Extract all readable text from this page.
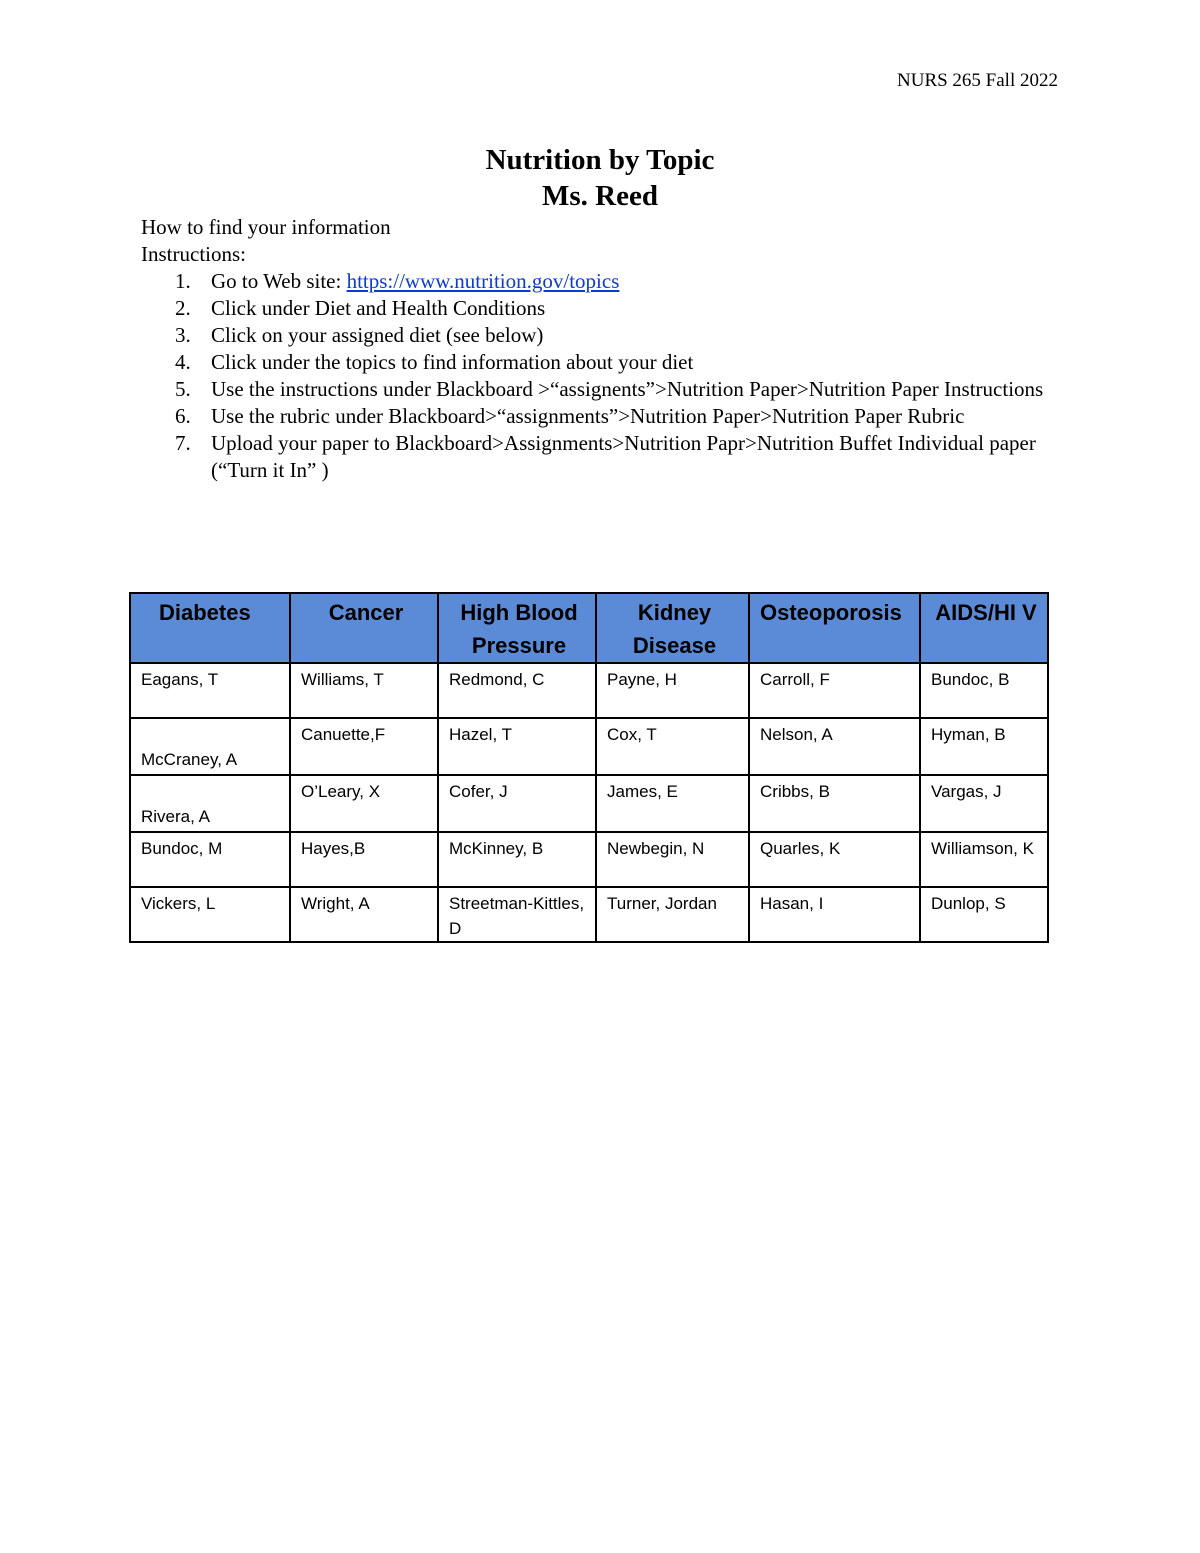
NURS 265 Fall 2022
Nutrition by Topic
Ms. Reed

How to find your information

Instructions:

1. Go to Web site: https://www.nutrition.gov/topics
2. Click under Diet and Health Conditions
3. Click on your assigned diet (see below)
4. Click under the topics to find information about your diet
5. Use the instructions under Blackboard >“assignents”>Nutrition Paper>Nutrition Paper Instructions
6. Use the rubric under Blackboard>“assignments”>Nutrition Paper>Nutrition Paper Rubric
7. Upload your paper to Blackboard>Assignments>Nutrition Papr>Nutrition Buffet Individual paper (“Turn it In” )
Diabetes	Cancer	High Blood Pressure	Kidney Disease	Osteoporosis	AIDS/HI V
Eagans, T	Williams, T	Redmond, C	Payne, H	Carroll, F	Bundoc, B
McCraney, A	Canuette,F	Hazel, T	Cox, T	Nelson, A	Hyman, B
Rivera, A	O’Leary, X	Cofer, J	James, E	Cribbs, B	Vargas, J
Bundoc, M	Hayes,B	McKinney, B	Newbegin, N	Quarles, K	Williamson, K
Vickers, L	Wright, A	Streetman-Kittles, D	Turner, Jordan	Hasan, I	Dunlop, S
